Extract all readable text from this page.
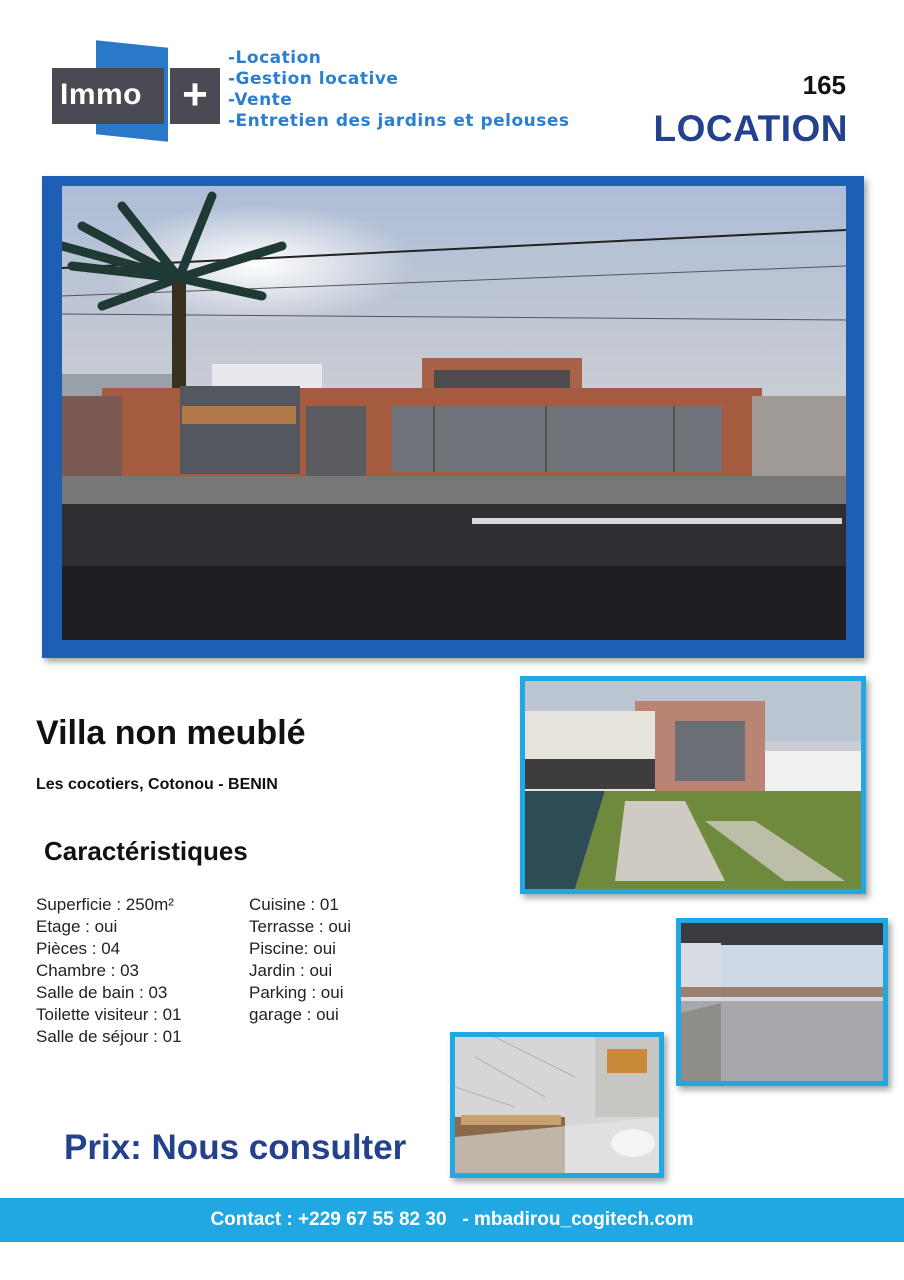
Immo +
-Location
-Gestion locative
-Vente
-Entretien des jardins et pelouses
165
LOCATION
Villa non meublé
Les cocotiers, Cotonou - BENIN
Caractéristiques
Superficie : 250m²
Etage : oui
Pièces : 04
Chambre : 03
Salle de bain : 03
Toilette visiteur : 01
Salle de séjour : 01
Cuisine : 01
Terrasse : oui
Piscine: oui
Jardin : oui
Parking : oui
garage : oui
Prix: Nous consulter
Contact : +229 67 55 82 30   - mbadirou_cogitech.com
